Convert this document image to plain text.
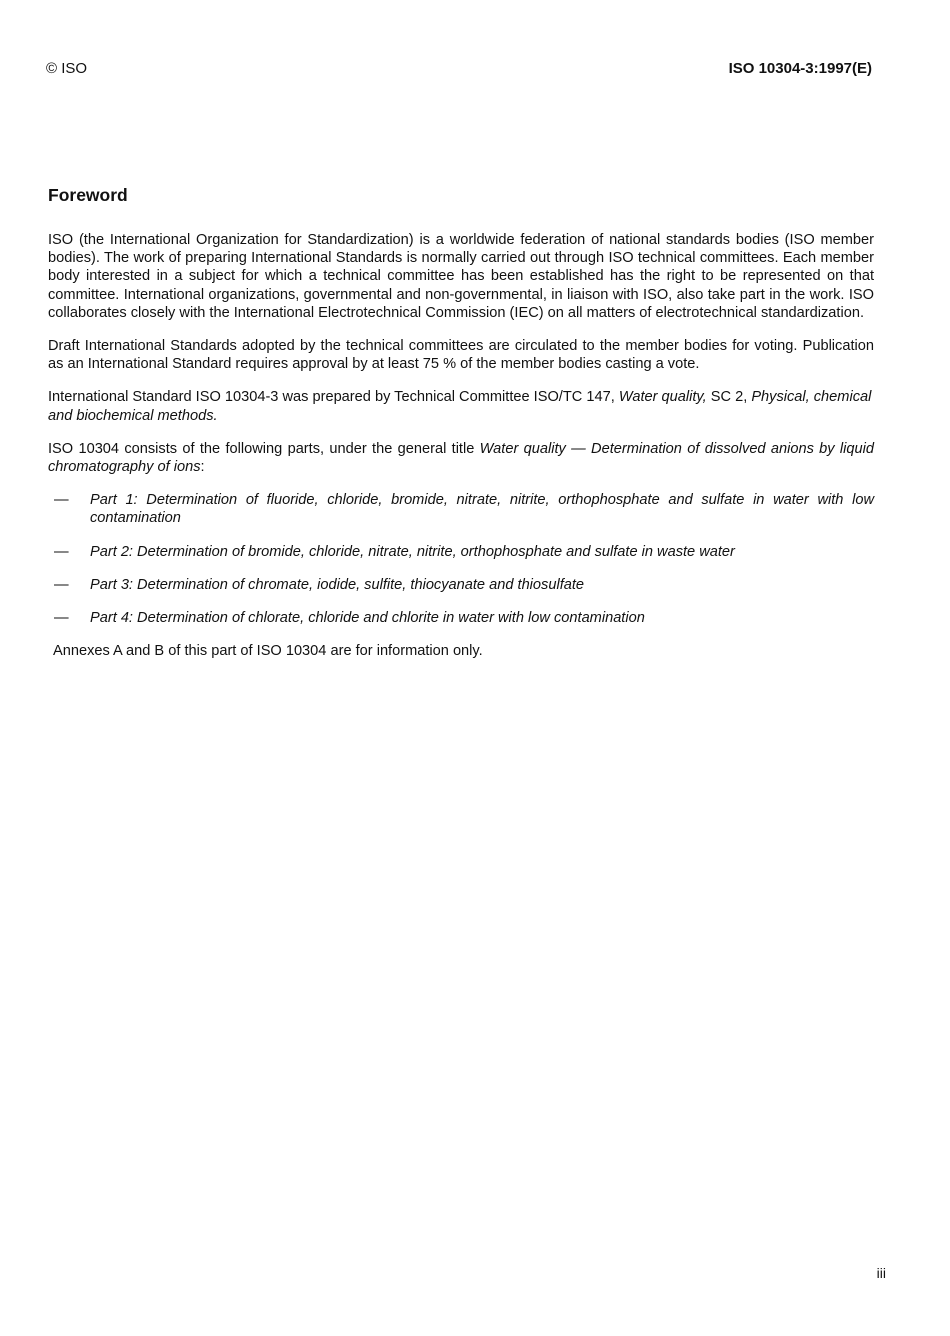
© ISO	ISO 10304-3:1997(E)
Foreword

ISO (the International Organization for Standardization) is a worldwide federation of national standards bodies (ISO member bodies). The work of preparing International Standards is normally carried out through ISO technical committees. Each member body interested in a subject for which a technical committee has been established has the right to be represented on that committee. International organizations, governmental and non-governmental, in liaison with ISO, also take part in the work. ISO collaborates closely with the International Electrotechnical Commission (IEC) on all matters of electrotechnical standardization.

Draft International Standards adopted by the technical committees are circulated to the member bodies for voting. Publication as an International Standard requires approval by at least 75 % of the member bodies casting a vote.

International Standard ISO 10304-3 was prepared by Technical Committee ISO/TC 147, Water quality, SC 2, Physical, chemical and biochemical methods.

ISO 10304 consists of the following parts, under the general title Water quality — Determination of dissolved anions by liquid chromatography of ions:

— Part 1: Determination of fluoride, chloride, bromide, nitrate, nitrite, orthophosphate and sulfate in water with low contamination
— Part 2: Determination of bromide, chloride, nitrate, nitrite, orthophosphate and sulfate in waste water
— Part 3: Determination of chromate, iodide, sulfite, thiocyanate and thiosulfate
— Part 4: Determination of chlorate, chloride and chlorite in water with low contamination

Annexes A and B of this part of ISO 10304 are for information only.

iii
